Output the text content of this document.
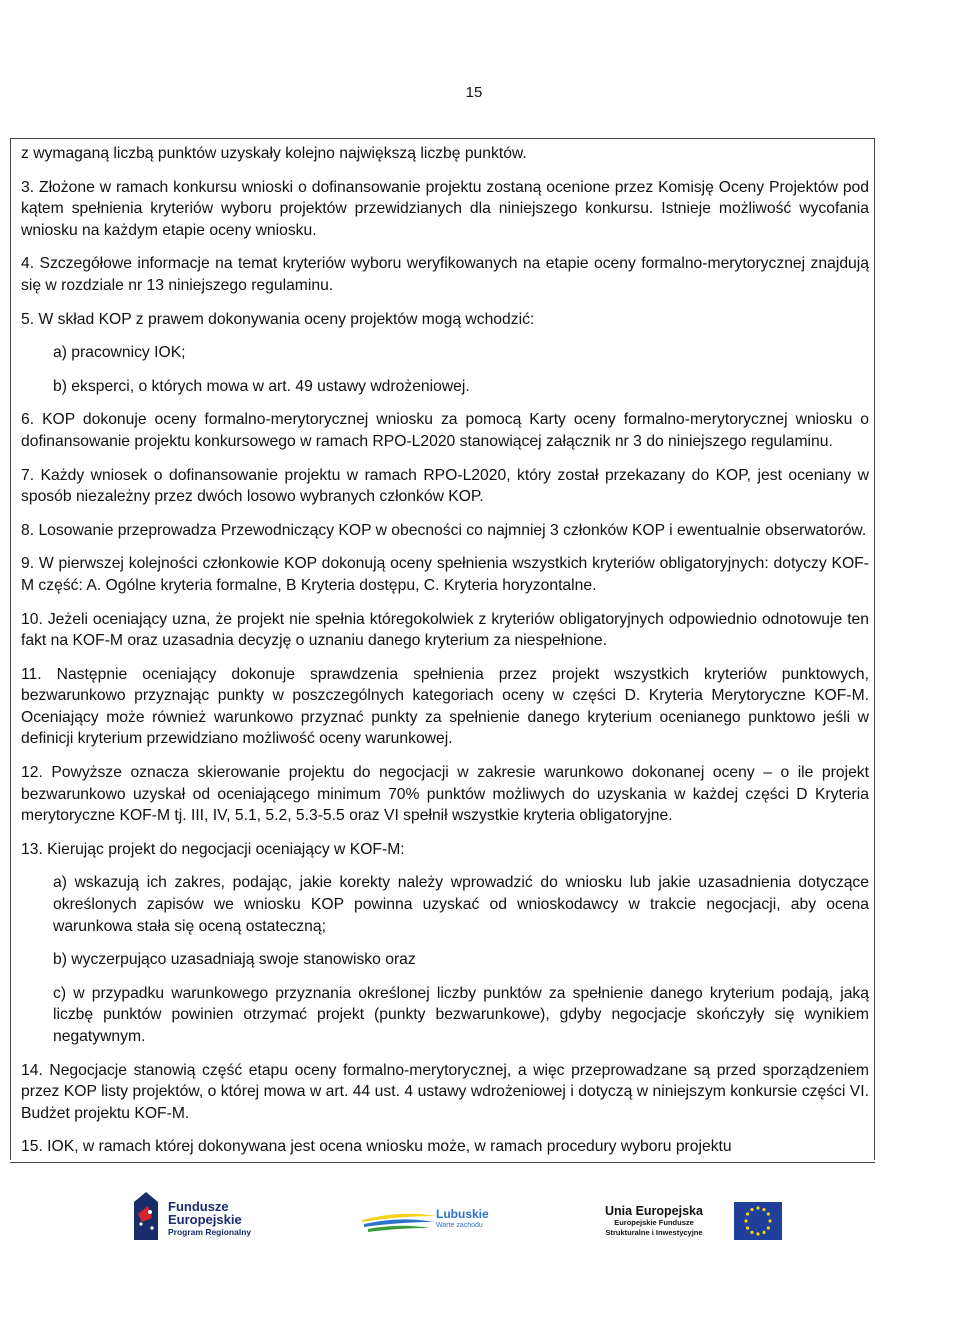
15

z wymaganą liczbą punktów uzyskały kolejno największą liczbę punktów.

3. Złożone w ramach konkursu wnioski o dofinansowanie projektu zostaną ocenione przez Komisję Oceny Projektów pod kątem spełnienia kryteriów wyboru projektów przewidzianych dla niniejszego konkursu. Istnieje możliwość wycofania wniosku na każdym etapie oceny wniosku.

4. Szczegółowe informacje na temat kryteriów wyboru weryfikowanych na etapie oceny formalno-merytorycznej znajdują się w rozdziale nr 13 niniejszego regulaminu.

5. W skład KOP z prawem dokonywania oceny projektów mogą wchodzić:

a) pracownicy IOK;

b) eksperci, o których mowa w art. 49 ustawy wdrożeniowej.

6. KOP dokonuje oceny formalno-merytorycznej wniosku za pomocą Karty oceny formalno-merytorycznej wniosku o dofinansowanie projektu konkursowego w ramach RPO-L2020 stanowiącej załącznik nr 3 do niniejszego regulaminu.

7. Każdy wniosek o dofinansowanie projektu w ramach RPO-L2020, który został przekazany do KOP, jest oceniany w sposób niezależny przez dwóch losowo wybranych członków KOP.

8. Losowanie przeprowadza Przewodniczący KOP w obecności co najmniej 3 członków KOP i ewentualnie obserwatorów.

9. W pierwszej kolejności członkowie KOP dokonują oceny spełnienia wszystkich kryteriów obligatoryjnych: dotyczy KOF-M część: A. Ogólne kryteria formalne, B Kryteria dostępu, C. Kryteria horyzontalne.

10. Jeżeli oceniający uzna, że projekt nie spełnia któregokolwiek z kryteriów obligatoryjnych odpowiednio odnotowuje ten fakt na KOF-M oraz uzasadnia decyzję o uznaniu danego kryterium za niespełnione.

11. Następnie oceniający dokonuje sprawdzenia spełnienia przez projekt wszystkich kryteriów punktowych, bezwarunkowo przyznając punkty w poszczególnych kategoriach oceny w części D. Kryteria Merytoryczne KOF-M. Oceniający może również warunkowo przyznać punkty za spełnienie danego kryterium ocenianego punktowo jeśli w definicji kryterium przewidziano możliwość oceny warunkowej.

12. Powyższe oznacza skierowanie projektu do negocjacji w zakresie warunkowo dokonanej oceny – o ile projekt bezwarunkowo uzyskał od oceniającego minimum 70% punktów możliwych do uzyskania w każdej części D Kryteria merytoryczne KOF-M tj. III, IV, 5.1, 5.2, 5.3-5.5 oraz VI spełnił wszystkie kryteria obligatoryjne.

13. Kierując projekt do negocjacji oceniający w KOF-M:

a) wskazują ich zakres, podając, jakie korekty należy wprowadzić do wniosku lub jakie uzasadnienia dotyczące określonych zapisów we wniosku KOP powinna uzyskać od wnioskodawcy w trakcie negocjacji, aby ocena warunkowa stała się oceną ostateczną;

b) wyczerpująco uzasadniają swoje stanowisko oraz

c) w przypadku warunkowego przyznania określonej liczby punktów za spełnienie danego kryterium podają, jaką liczbę punktów powinien otrzymać projekt (punkty bezwarunkowe), gdyby negocjacje skończyły się wynikiem negatywnym.

14. Negocjacje stanowią część etapu oceny formalno-merytorycznej, a więc przeprowadzane są przed sporządzeniem przez KOP listy projektów, o której mowa w art. 44 ust. 4 ustawy wdrożeniowej i dotyczą w niniejszym konkursie części VI. Budżet projektu KOF-M.

15. IOK, w ramach której dokonywana jest ocena wniosku może, w ramach procedury wyboru projektu

Fundusze
Europejskie
Program Regionalny
Lubuskie
Warte zachodu
Unia Europejska
Europejskie Fundusze
Strukturalne i Inwestycyjne
